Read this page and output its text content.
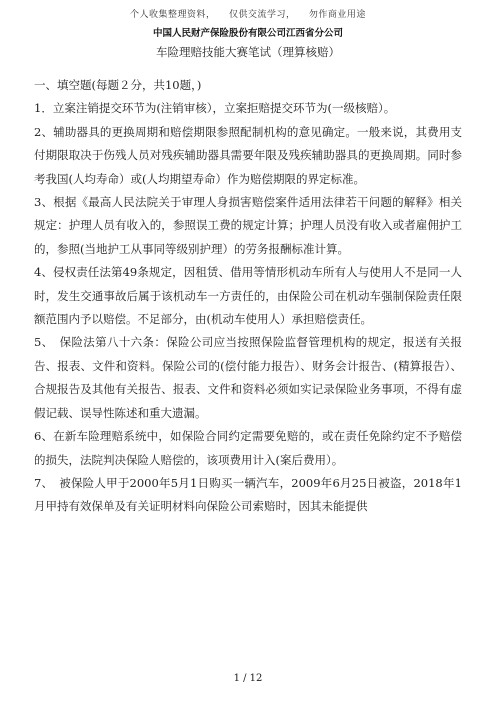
个人收集整理资料，    仅供交流学习，    勿作商业用途
中国人民财产保险股份有限公司江西省分公司
车险理赔技能大赛笔试（理算核赔）

一、填空题(每题２分，共10题，)

1．立案注销提交环节为(注销审核），立案拒赔提交环节为(一级核赔）。

2、辅助器具的更换周期和赔偿期限参照配制机构的意见确定。一般来说，其费用支付期限取决于伤残人员对残疾辅助器具需要年限及残疾辅助器具的更换周期。同时参考我国(人均寿命）或(人均期望寿命）作为赔偿期限的界定标准。

3、根据《最高人民法院关于审理人身损害赔偿案件适用法律若干问题的解释》相关规定：护理人员有收入的，参照误工费的规定计算；护理人员没有收入或者雇佣护工的，参照(当地护工从事同等级别护理）的劳务报酬标准计算。

4、侵权责任法第49条规定，因租赁、借用等情形机动车所有人与使用人不是同一人时，发生交通事故后属于该机动车一方责任的，由保险公司在机动车强制保险责任限额范围内予以赔偿。不足部分，由(机动车使用人）承担赔偿责任。

5、　保险法第八十六条：保险公司应当按照保险监督管理机构的规定，报送有关报告、报表、文件和资料。保险公司的(偿付能力报告）、财务会计报告、(精算报告）、合规报告及其他有关报告、报表、文件和资料必须如实记录保险业务事项，不得有虚假记载、误导性陈述和重大遗漏。

6、在新车险理赔系统中，如保险合同约定需要免赔的，或在责任免除约定不予赔偿的损失，法院判决保险人赔偿的，该项费用计入(案后费用）。

7、　被保险人甲于2000年5月1日购买一辆汽车，2009年6月25日被盗，2018年1月甲持有效保单及有关证明材料向保险公司索赔时，因其未能提供

1 / 12
